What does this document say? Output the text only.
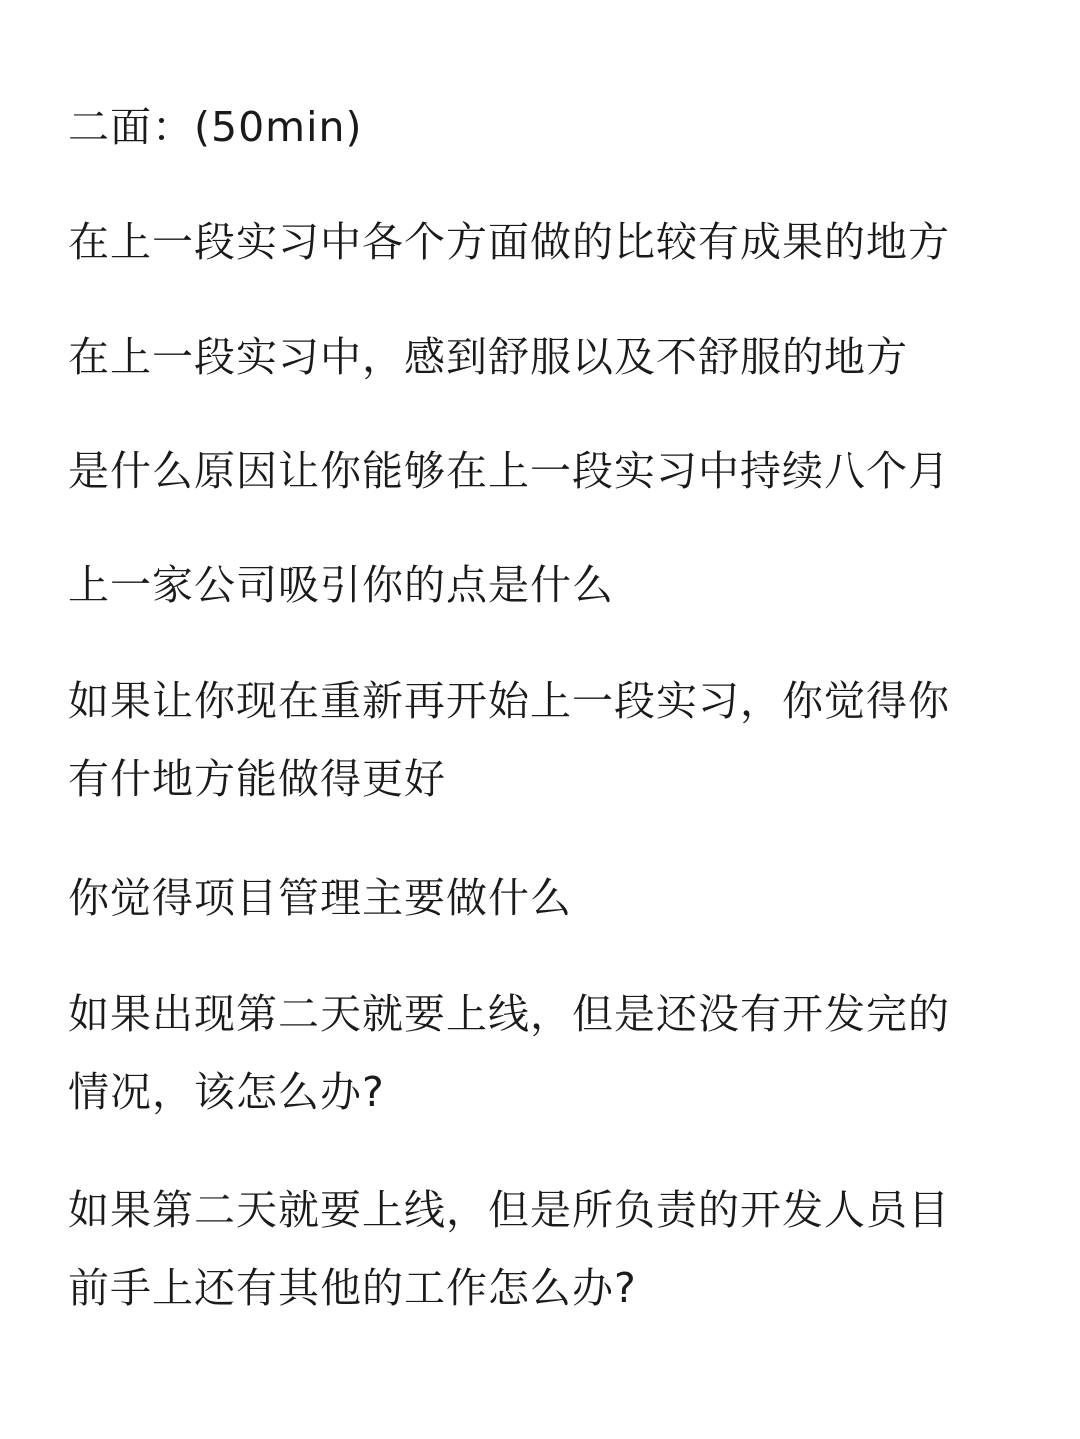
二面：(50min)
在上一段实习中各个方面做的比较有成果的地方
在上一段实习中，感到舒服以及不舒服的地方
是什么原因让你能够在上一段实习中持续八个月
上一家公司吸引你的点是什么
如果让你现在重新再开始上一段实习，你觉得你
有什地方能做得更好
你觉得项目管理主要做什么
如果出现第二天就要上线，但是还没有开发完的
情况，该怎么办?
如果第二天就要上线，但是所负责的开发人员目
前手上还有其他的工作怎么办?
